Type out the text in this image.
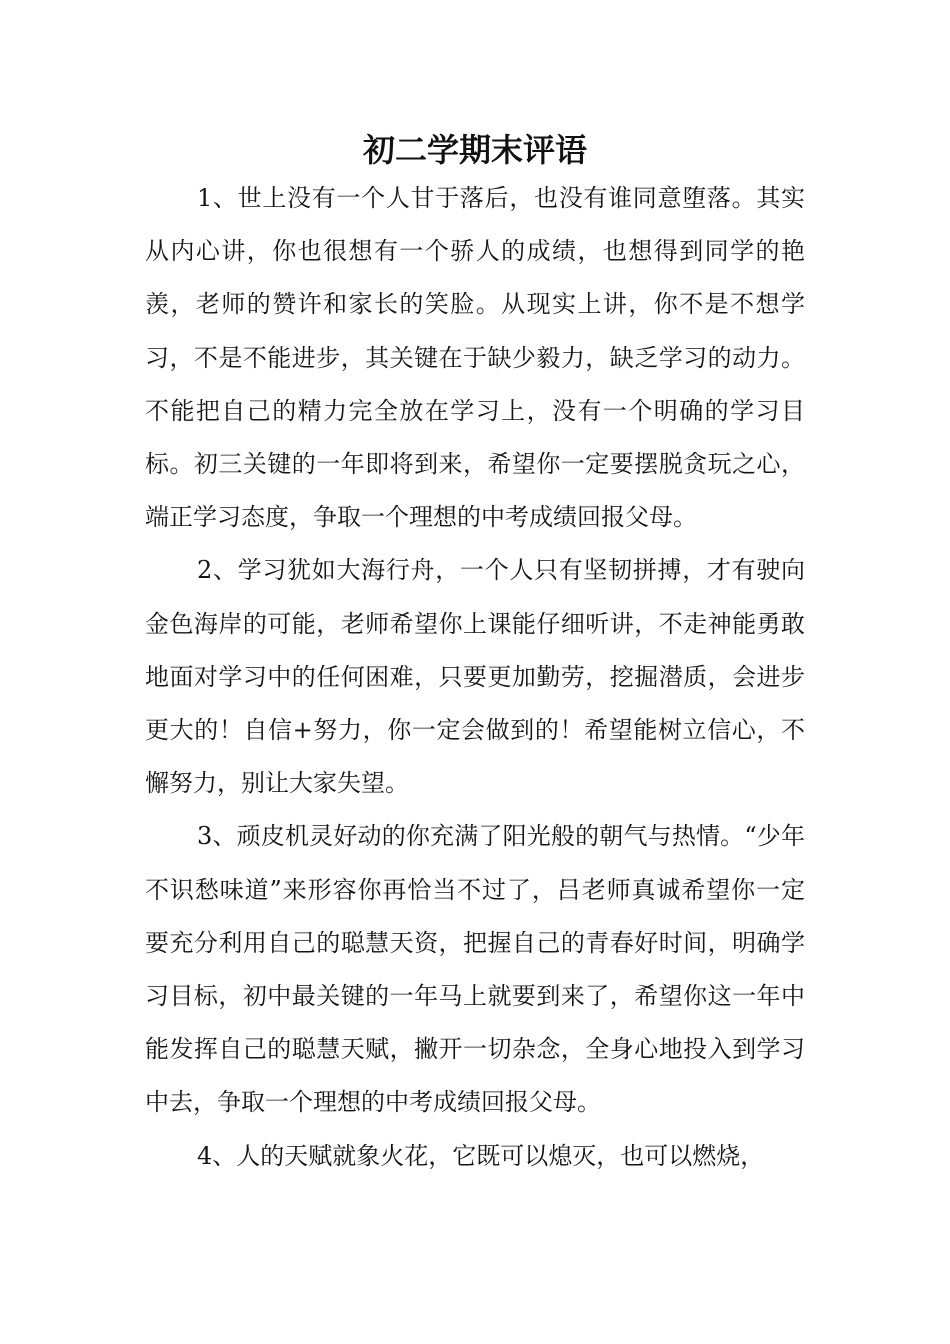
初二学期末评语

1、世上没有一个人甘于落后，也没有谁同意堕落。其实从内心讲，你也很想有一个骄人的成绩，也想得到同学的艳羡，老师的赞许和家长的笑脸。从现实上讲，你不是不想学习，不是不能进步，其关键在于缺少毅力，缺乏学习的动力。不能把自己的精力完全放在学习上，没有一个明确的学习目标。初三关键的一年即将到来，希望你一定要摆脱贪玩之心，端正学习态度，争取一个理想的中考成绩回报父母。

2、学习犹如大海行舟，一个人只有坚韧拼搏，才有驶向金色海岸的可能，老师希望你上课能仔细听讲，不走神能勇敢地面对学习中的任何困难，只要更加勤劳，挖掘潜质，会进步更大的！自信+努力，你一定会做到的！希望能树立信心，不懈努力，别让大家失望。

3、顽皮机灵好动的你充满了阳光般的朝气与热情。“少年不识愁味道”来形容你再恰当不过了，吕老师真诚希望你一定要充分利用自己的聪慧天资，把握自己的青春好时间，明确学习目标，初中最关键的一年马上就要到来了，希望你这一年中能发挥自己的聪慧天赋，撇开一切杂念，全身心地投入到学习中去，争取一个理想的中考成绩回报父母。

4、人的天赋就象火花，它既可以熄灭，也可以燃烧，
